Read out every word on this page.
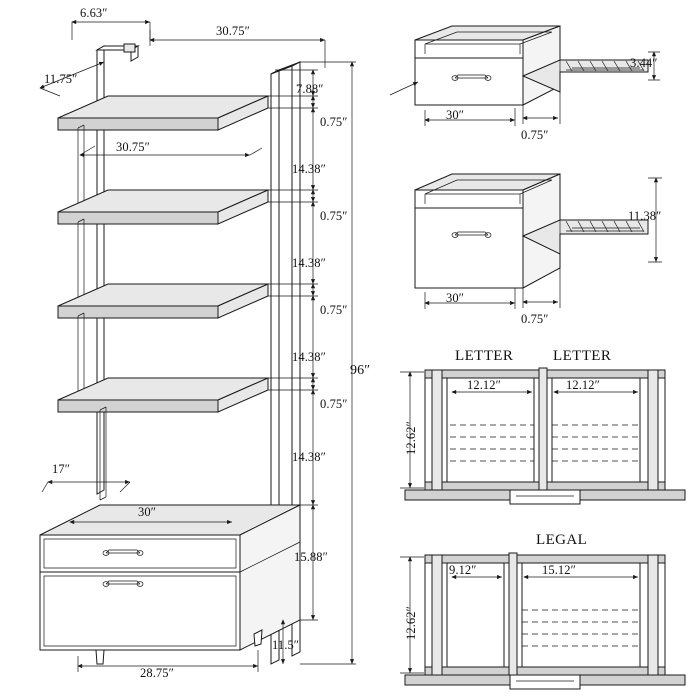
6.63″
30.75″
11.75″
7.88″
0.75″
30.75″
14.38″
0.75″
14.38″
0.75″
14.38″
0.75″
14.38″
96″
17″
30″
15.88″
28.75″
11.5″
30″
3.44″
0.75″
30″
11.38″
0.75″
LETTER	LETTER
12.12″	12.12″
12.62″
LEGAL
9.12″	15.12″
12.62″
